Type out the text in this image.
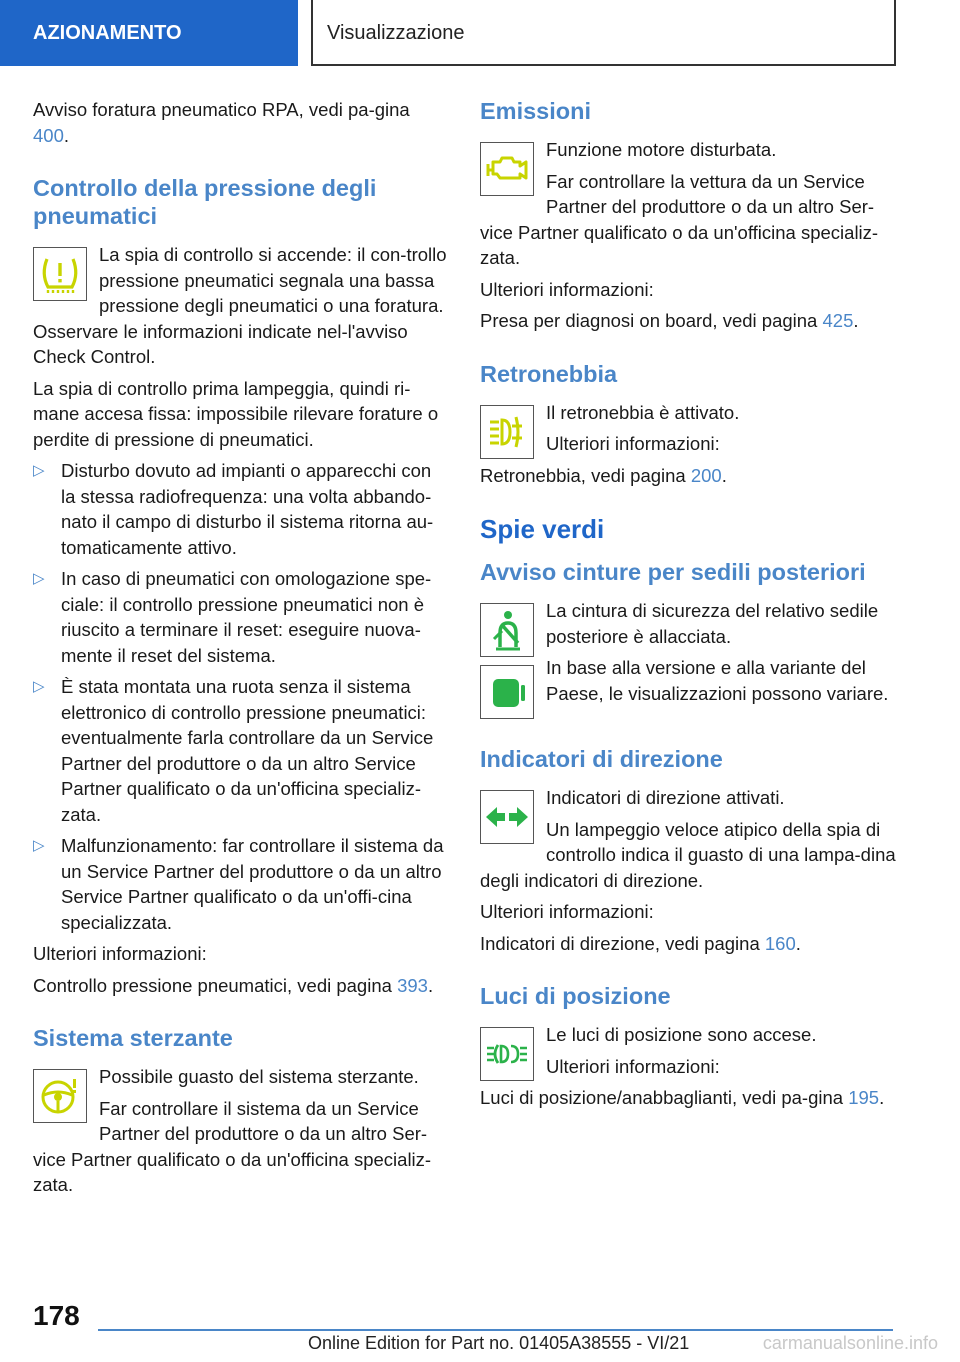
AZIONAMENTO	Visualizzazione

Avviso foratura pneumatico RPA, vedi pa-gina 400.

Controllo della pressione degli pneumatici

La spia di controllo si accende: il con-trollo pressione pneumatici segnala una bassa pressione degli pneumatici o una foratura. Osservare le informazioni indicate nel-l'avviso Check Control.

La spia di controllo prima lampeggia, quindi ri-mane accesa fissa: impossibile rilevare forature o perdite di pressione di pneumatici.

▷ Disturbo dovuto ad impianti o apparecchi con la stessa radiofrequenza: una volta abbando-nato il campo di disturbo il sistema ritorna au-tomaticamente attivo.
▷ In caso di pneumatici con omologazione spe-ciale: il controllo pressione pneumatici non è riuscito a terminare il reset: eseguire nuova-mente il reset del sistema.
▷ È stata montata una ruota senza il sistema elettronico di controllo pressione pneumatici: eventualmente farla controllare da un Service Partner del produttore o da un altro Service Partner qualificato o da un'officina specializ-zata.
▷ Malfunzionamento: far controllare il sistema da un Service Partner del produttore o da un altro Service Partner qualificato o da un'offi-cina specializzata.

Ulteriori informazioni:

Controllo pressione pneumatici, vedi pagina 393.

Sistema sterzante

Possibile guasto del sistema sterzante.

Far controllare il sistema da un Service Partner del produttore o da un altro Ser-vice Partner qualificato o da un'officina specializ-zata.

Emissioni

Funzione motore disturbata.

Far controllare la vettura da un Service Partner del produttore o da un altro Ser-vice Partner qualificato o da un'officina specializ-zata.

Ulteriori informazioni:

Presa per diagnosi on board, vedi pagina 425.

Retronebbia

Il retronebbia è attivato.

Ulteriori informazioni:

Retronebbia, vedi pagina 200.

Spie verdi
Avviso cinture per sedili posteriori

La cintura di sicurezza del relativo sedile posteriore è allacciata.

In base alla versione e alla variante del Paese, le visualizzazioni possono variare.

Indicatori di direzione

Indicatori di direzione attivati.

Un lampeggio veloce atipico della spia di controllo indica il guasto di una lampa-dina degli indicatori di direzione.

Ulteriori informazioni:

Indicatori di direzione, vedi pagina 160.

Luci di posizione

Le luci di posizione sono accese.

Ulteriori informazioni:

Luci di posizione/anabbaglianti, vedi pa-gina 195.

178
Online Edition for Part no. 01405A38555 - VI/21	carmanualsonline.info
